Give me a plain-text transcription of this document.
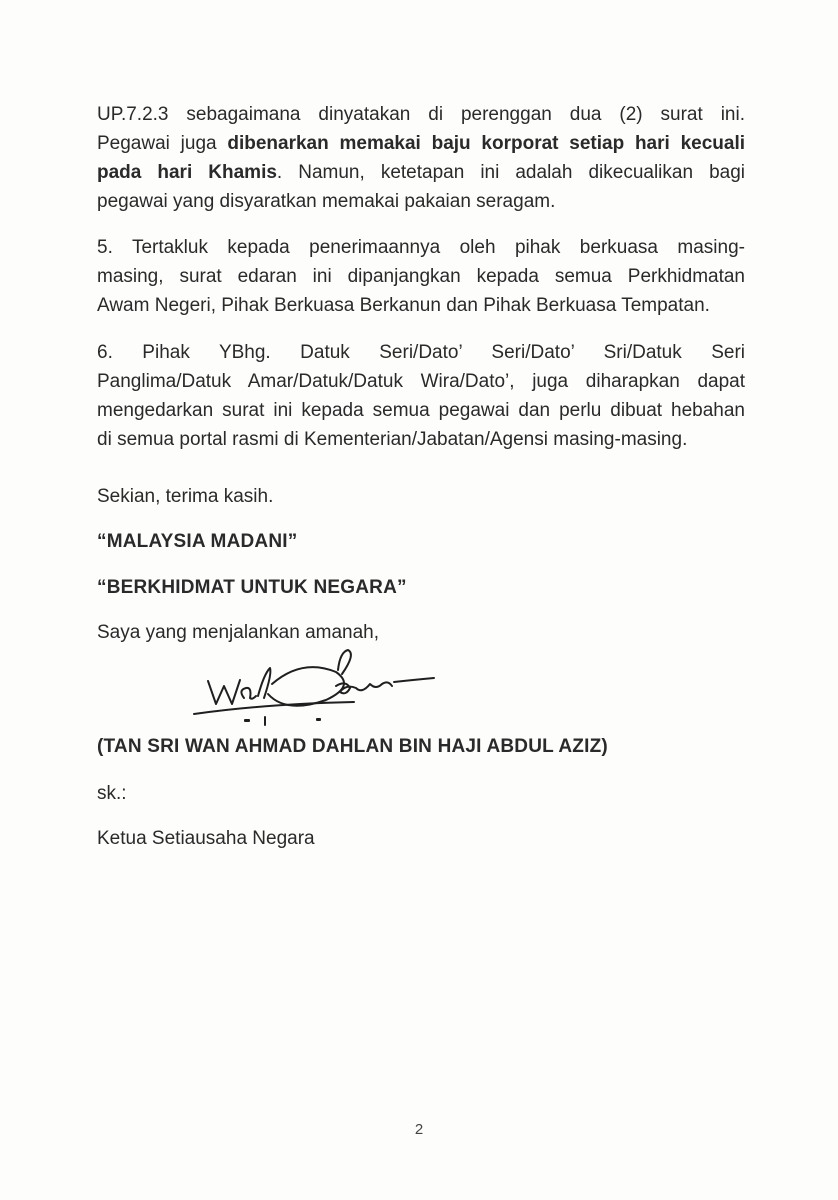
UP.7.2.3 sebagaimana dinyatakan di perenggan dua (2) surat ini.
Pegawai juga dibenarkan memakai baju korporat setiap hari kecuali
pada hari Khamis. Namun, ketetapan ini adalah dikecualikan bagi
pegawai yang disyaratkan memakai pakaian seragam.
5. Tertakluk kepada penerimaannya oleh pihak berkuasa masing-
masing, surat edaran ini dipanjangkan kepada semua Perkhidmatan
Awam Negeri, Pihak Berkuasa Berkanun dan Pihak Berkuasa Tempatan.
6. Pihak YBhg. Datuk Seri/Dato’ Seri/Dato’ Sri/Datuk Seri
Panglima/Datuk Amar/Datuk/Datuk Wira/Dato’, juga diharapkan dapat
mengedarkan surat ini kepada semua pegawai dan perlu dibuat hebahan
di semua portal rasmi di Kementerian/Jabatan/Agensi masing-masing.

Sekian, terima kasih.

“MALAYSIA MADANI”

“BERKHIDMAT UNTUK NEGARA”

Saya yang menjalankan amanah,

(TAN SRI WAN AHMAD DAHLAN BIN HAJI ABDUL AZIZ)

sk.:

Ketua Setiausaha Negara

2
